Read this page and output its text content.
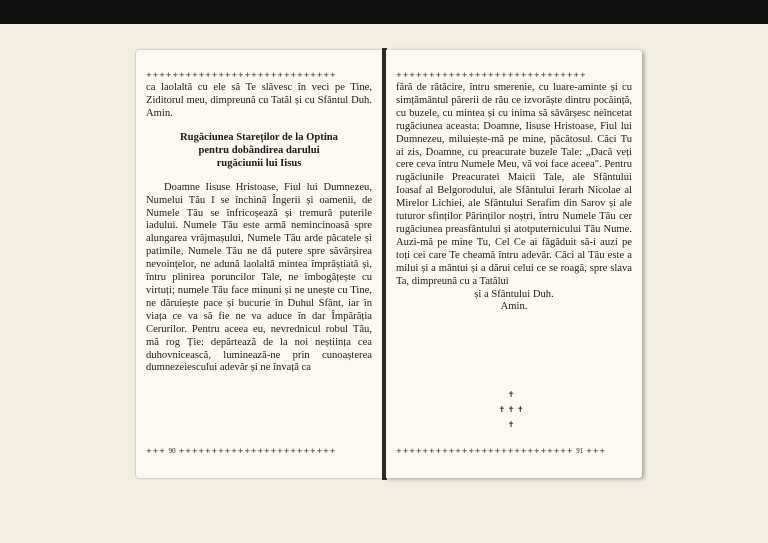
+++++++++++++++++++++++++++++

ca laolaltă cu ele să Te slăvesc în veci pe Tine, Ziditorul meu, dimpreună cu Tatăl și cu Sfântul Duh. Amin.

Rugăciunea Stareților de la Optina
pentru dobândirea darului
rugăciunii lui Iisus

Doamne Iisuse Hristoase, Fiul lui Dumnezeu, Numelui Tău I se închină Îngerii și oamenii, de Numele Tău se înfricoșează și tremură puterile iadului. Numele Tău este armă nemincinoasă spre alungarea vrăjmașului, Numele Tău arde păcatele și patimile, Numele Tău ne dă putere spre săvârșirea nevoințelor, ne adună laolaltă mintea împrăștiată și, întru plinirea poruncilor Tale, ne îmbogățește cu virtuți; numele Tău face minuni și ne unește cu Tine, ne dăruiește pace și bucurie în Duhul Sfânt, iar în viața ce va să fie ne va aduce în dar Împărăția Cerurilor. Pentru aceea eu, nevrednicul robul Tău, mă rog Ție: depărtează de la noi neștiința cea duhovnicească, luminează-ne prin cunoașterea dumnezeiescului adevăr și ne învață ca

+++ 90 ++++++++++++++++++++++++
+++++++++++++++++++++++++++++

fără de rătăcire, întru smerenie, cu luare-aminte și cu simțământul părerii de rău ce izvorăște dintru pocăință, cu buzele, cu mintea și cu inima să săvârșesc neîncetat rugăciunea aceasta: Doamne, Iisuse Hristoase, Fiul lui Dumnezeu, miluiește-mă pe mine, păcătosul. Căci Tu ai zis, Doamne, cu preacurate buzele Tale: „Dacă veți cere ceva întru Numele Meu, vă voi face aceea". Pentru rugăciunile Preacuratei Maicii Tale, ale Sfântului Ioasaf al Belgorodului, ale Sfântului Ierarh Nicolae al Mirelor Lichiei, ale Sfântului Serafim din Sarov și ale tuturor sfinților Părinților noștri, întru Numele Tău cer rugăciunea preasfântului și atotputernicului Tău Nume. Auzi-mă pe mine Tu, Cel Ce ai făgăduit să-i auzi pe toți cei care Te cheamă întru adevăr. Căci al Tău este a milui și a mântui și a dărui celui ce se roagă, spre slava Ta, dimpreună cu a Tatălui

și a Sfântului Duh.

Amin.

✝
✝ ✝ ✝
✝
+++++++++++++++++++++++++++ 91 +++
